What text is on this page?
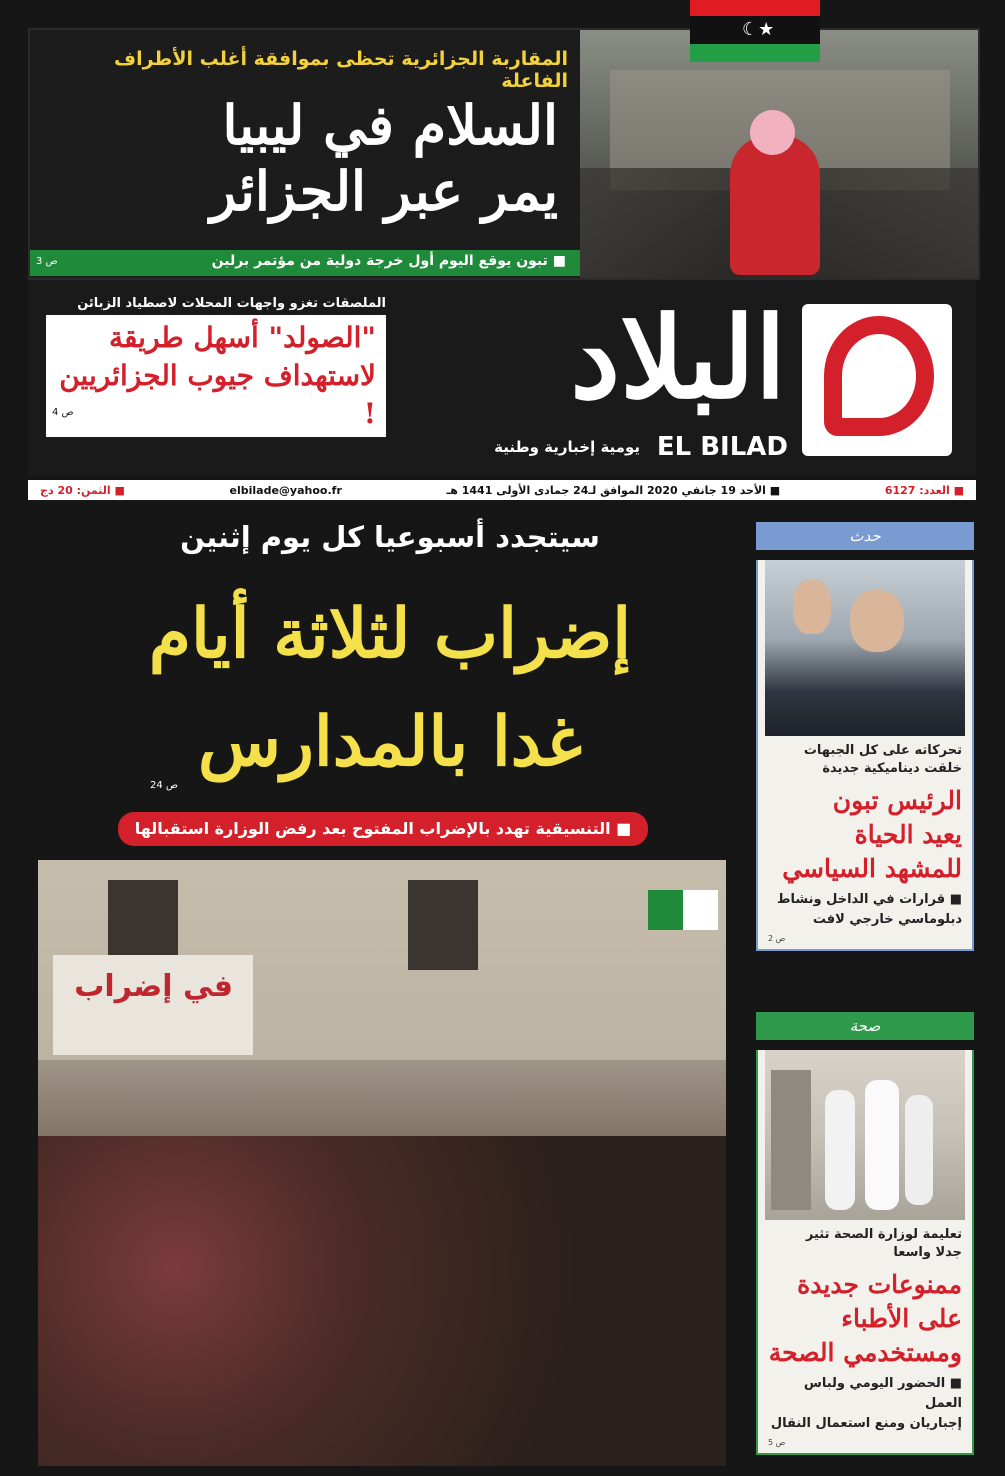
المقاربة الجزائرية تحظى بموافقة أغلب الأطراف الفاعلة
السلام في ليبيا
يمر عبر الجزائر
■ تبون يوقع اليوم أول خرجة دولية من مؤتمر برلين
ص 3
☾★
البلاد
EL BILAD
يومية إخبارية وطنية
الملصقات تغزو واجهات المحلات لاصطياد الزبائن
"الصولد" أسهل طريقة
لاستهداف جيوب الجزائريين !
ص 4
■ العدد: 6127
■ الأحد 19 جانفي 2020 الموافق لـ24 جمادى الأولى 1441 هـ
elbilade@yahoo.fr
■ الثمن: 20 دج
سيتجدد أسبوعيا كل يوم إثنين
إضراب لثلاثة أيام
غدا بالمدارس
ص 24
■ التنسيقية تهدد بالإضراب المفتوح بعد رفض الوزارة استقبالها
في إضراب
حدث
تحركاته على كل الجبهات
خلقت ديناميكية جديدة
الرئيس تبون
يعيد الحياة
للمشهد السياسي
■ قرارات في الداخل ونشاط
دبلوماسي خارجي لافت
ص 2
صحة
تعليمة لوزارة الصحة تثير
جدلا واسعا
ممنوعات جديدة
على الأطباء
ومستخدمي الصحة
■ الحضور اليومي ولباس العمل
إجباريان ومنع استعمال النقال
ص 5
